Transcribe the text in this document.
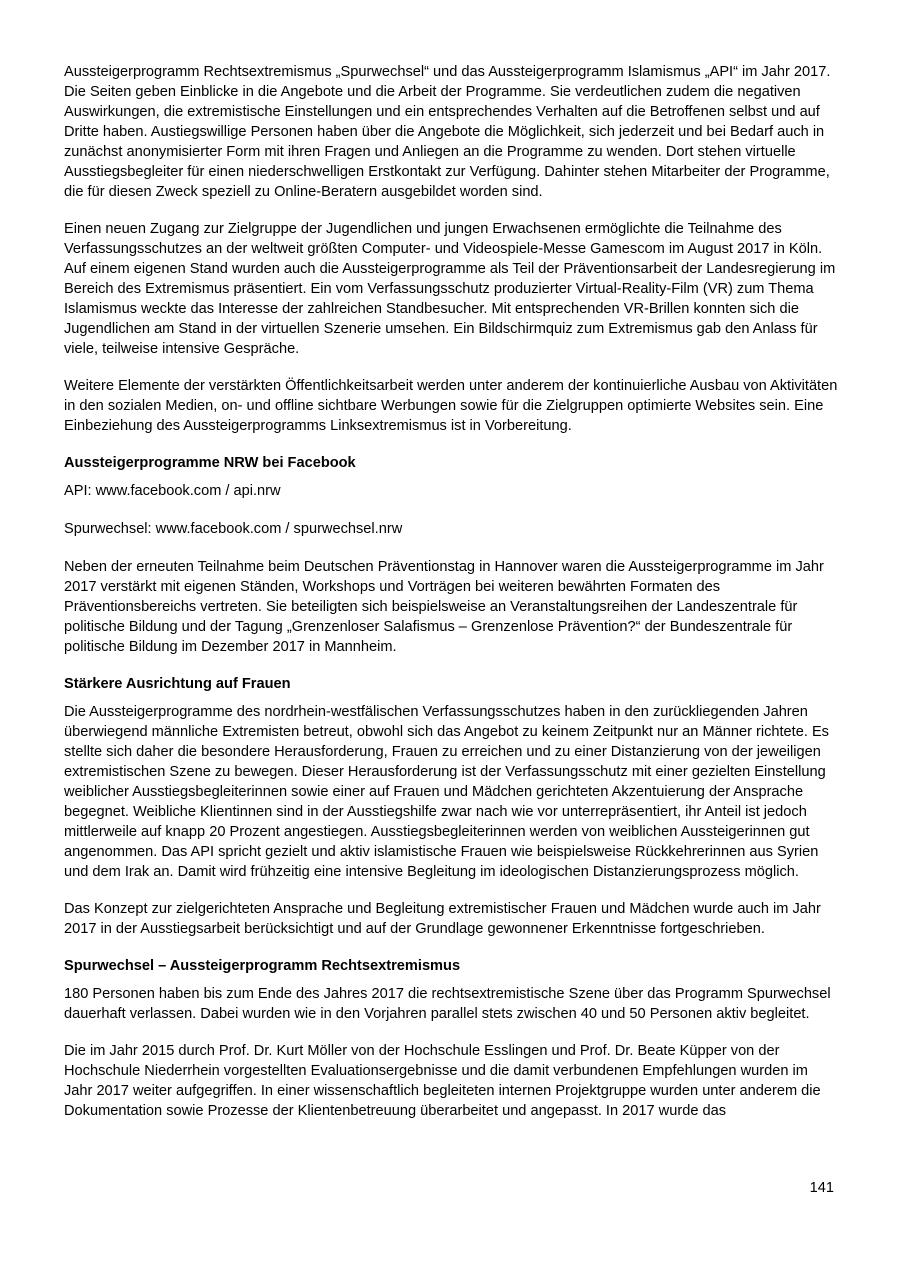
Aussteigerprogramm Rechtsextremismus „Spurwechsel“ und das Aussteigerprogramm Islamismus „API“ im Jahr 2017. Die Seiten geben Einblicke in die Angebote und die Arbeit der Programme. Sie verdeutlichen zudem die negativen Auswirkungen, die extremistische Einstellungen und ein entsprechendes Verhalten auf die Betroffenen selbst und auf Dritte haben. Austiegswillige Personen haben über die Angebote die Möglichkeit, sich jederzeit und bei Bedarf auch in zunächst anonymisierter Form mit ihren Fragen und Anliegen an die Programme zu wenden. Dort stehen virtuelle Ausstiegsbegleiter für einen niederschwelligen Erstkontakt zur Verfügung. Dahinter stehen Mitarbeiter der Programme, die für diesen Zweck speziell zu Online-Beratern ausgebildet worden sind.

Einen neuen Zugang zur Zielgruppe der Jugendlichen und jungen Erwachsenen ermöglichte die Teilnahme des Verfassungsschutzes an der weltweit größten Computer- und Videospiele-Messe Gamescom im August 2017 in Köln. Auf einem eigenen Stand wurden auch die Aussteigerprogramme als Teil der Präventionsarbeit der Landesregierung im Bereich des Extremismus präsentiert. Ein vom Verfassungsschutz produzierter Virtual-Reality-Film (VR) zum Thema Islamismus weckte das Interesse der zahlreichen Standbesucher. Mit entsprechenden VR-Brillen konnten sich die Jugendlichen am Stand in der virtuellen Szenerie umsehen. Ein Bildschirmquiz zum Extremismus gab den Anlass für viele, teilweise intensive Gespräche.

Weitere Elemente der verstärkten Öffentlichkeitsarbeit werden unter anderem der kontinuierliche Ausbau von Aktivitäten in den sozialen Medien, on- und offline sichtbare Werbungen sowie für die Zielgruppen optimierte Websites sein. Eine Einbeziehung des Aussteigerprogramms Linksextremismus ist in Vorbereitung.

Aussteigerprogramme NRW bei Facebook

API: www.facebook.com / api.nrw

Spurwechsel: www.facebook.com / spurwechsel.nrw

Neben der erneuten Teilnahme beim Deutschen Präventionstag in Hannover waren die Aussteigerprogramme im Jahr 2017 verstärkt mit eigenen Ständen, Workshops und Vorträgen bei weiteren bewährten Formaten des Präventionsbereichs vertreten. Sie beteiligten sich beispielsweise an Veranstaltungsreihen der Landeszentrale für politische Bildung und der Tagung „Grenzenloser Salafismus – Grenzenlose Prävention?“ der Bundeszentrale für politische Bildung im Dezember 2017 in Mannheim.

Stärkere Ausrichtung auf Frauen

Die Aussteigerprogramme des nordrhein-westfälischen Verfassungsschutzes haben in den zurückliegenden Jahren überwiegend männliche Extremisten betreut, obwohl sich das Angebot zu keinem Zeitpunkt nur an Männer richtete. Es stellte sich daher die besondere Herausforderung, Frauen zu erreichen und zu einer Distanzierung von der jeweiligen extremistischen Szene zu bewegen. Dieser Herausforderung ist der Verfassungsschutz mit einer gezielten Einstellung weiblicher Ausstiegsbegleiterinnen sowie einer auf Frauen und Mädchen gerichteten Akzentuierung der Ansprache begegnet. Weibliche Klientinnen sind in der Ausstiegshilfe zwar nach wie vor unterrepräsentiert, ihr Anteil ist jedoch mittlerweile auf knapp 20 Prozent angestiegen. Ausstiegsbegleiterinnen werden von weiblichen Aussteigerinnen gut angenommen. Das API spricht gezielt und aktiv islamistische Frauen wie beispielsweise Rückkehrerinnen aus Syrien und dem Irak an. Damit wird frühzeitig eine intensive Begleitung im ideologischen Distanzierungsprozess möglich.

Das Konzept zur zielgerichteten Ansprache und Begleitung extremistischer Frauen und Mädchen wurde auch im Jahr 2017 in der Ausstiegsarbeit berücksichtigt und auf der Grundlage gewonnener Erkenntnisse fortgeschrieben.

Spurwechsel – Aussteigerprogramm Rechtsextremismus

180 Personen haben bis zum Ende des Jahres 2017 die rechtsextremistische Szene über das Programm Spurwechsel dauerhaft verlassen. Dabei wurden wie in den Vorjahren parallel stets zwischen 40 und 50 Personen aktiv begleitet.

Die im Jahr 2015 durch Prof. Dr. Kurt Möller von der Hochschule Esslingen und Prof. Dr. Beate Küpper von der Hochschule Niederrhein vorgestellten Evaluationsergebnisse und die damit verbundenen Empfehlungen wurden im Jahr 2017 weiter aufgegriffen. In einer wissenschaftlich begleiteten internen Projektgruppe wurden unter anderem die Dokumentation sowie Prozesse der Klientenbetreuung überarbeitet und angepasst. In 2017 wurde das

141
